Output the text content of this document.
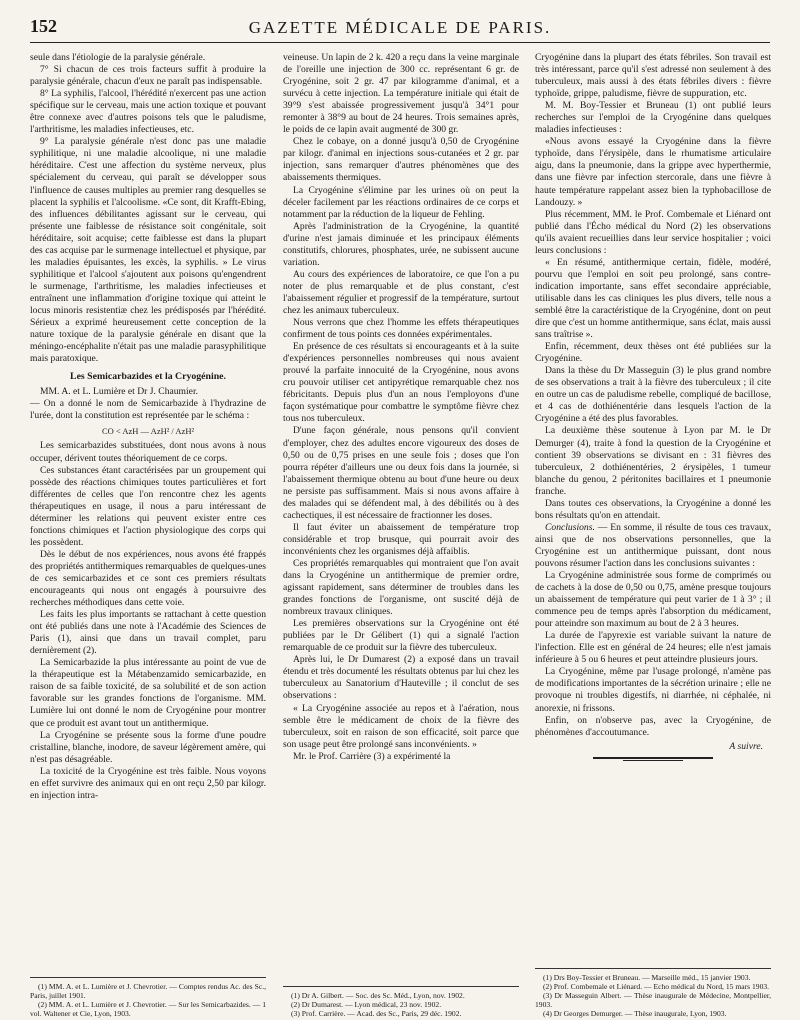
152	GAZETTE MÉDICALE DE PARIS.

seule dans l'étiologie de la paralysie générale.

7° Si chacun de ces trois facteurs suffit à produire la paralysie générale, chacun d'eux ne paraît pas indispensable.

8° La syphilis, l'alcool, l'hérédité n'exercent pas une action spécifique sur le cerveau, mais une action toxique et pouvant être connexe avec d'autres poisons tels que le paludisme, l'arthritisme, les maladies infectieuses, etc.

9° La paralysie générale n'est donc pas une maladie syphilitique, ni une maladie alcoolique, ni une maladie héréditaire. C'est une affection du système nerveux, plus spécialement du cerveau, qui paraît se développer sous l'influence de causes multiples au premier rang desquelles se placent la syphilis et l'alcoolisme. «Ce sont, dit Krafft-Ebing, des influences débilitantes agissant sur le cerveau, qui présente une faiblesse de résistance soit congénitale, soit héréditaire, soit acquise; cette faiblesse est dans la plupart des cas acquise par le surmenage intellectuel et physique, par les maladies épuisantes, les excès, la syphilis. » Le virus syphilitique et l'alcool s'ajoutent aux poisons qu'engendrent le surmenage, l'arthritisme, les maladies infectieuses et entraînent une inflammation d'origine toxique qui atteint le locus minoris resistentiæ chez les prédisposés par l'hérédité. Sérieux a exprimé heureusement cette conception de la nature toxique de la paralysie générale en disant que la méningo-encéphalite n'était pas une maladie parasyphilitique mais paratoxique.

Les Semicarbazides et la Cryogénine.

MM. A. et L. Lumière et Dr J. Chaumier.

— On a donné le nom de Semicarbazide à l'hydrazine de l'urée, dont la constitution est représentée par le schéma :

CO < AzH — AzH² / AzH²

Les semicarbazides substituées, dont nous avons à nous occuper, dérivent toutes théoriquement de ce corps.

Ces substances étant caractérisées par un groupement qui possède des réactions chimiques toutes particulières et fort différentes de celles que l'on rencontre chez les agents thérapeutiques en usage, il nous a paru intéressant de déterminer les relations qui peuvent exister entre ces fonctions chimiques et l'action physiologique des corps qui les possèdent.

Dès le début de nos expériences, nous avons été frappés des propriétés antithermiques remarquables de quelques-unes de ces semicarbazides et ce sont ces premiers résultats encourageants qui nous ont engagés à poursuivre des recherches méthodiques dans cette voie.

Les faits les plus importants se rattachant à cette question ont été publiés dans une note à l'Académie des Sciences de Paris (1), ainsi que dans un travail complet, paru dernièrement (2).

La Semicarbazide la plus intéressante au point de vue de la thérapeutique est la Métabenzamido semicarbazide, en raison de sa faible toxicité, de sa solubilité et de son action favorable sur les grandes fonctions de l'organisme. MM. Lumière lui ont donné le nom de Cryogénine pour montrer que ce produit est avant tout un antithermique.

La Cryogénine se présente sous la forme d'une poudre cristalline, blanche, inodore, de saveur légèrement amère, qui n'est pas désagréable.

La toxicité de la Cryogénine est très faible. Nous voyons en effet survivre des animaux qui en ont reçu 2,50 par kilogr. en injection intra-

(1) MM. A. et L. Lumière et J. Chevrotier. — Comptes rendus Ac. des Sc., Paris, juillet 1901.

(2) MM. A. et L. Lumière et J. Chevrotier. — Sur les Semicarbazides. — 1 vol. Waltener et Cie, Lyon, 1903.

veineuse. Un lapin de 2 k. 420 a reçu dans la veine marginale de l'oreille une injection de 300 cc. représentant 6 gr. de Cryogénine, soit 2 gr. 47 par kilogramme d'animal, et a survécu à cette injection. La température initiale qui était de 39°9 s'est abaissée progressivement jusqu'à 34°1 pour remonter à 38°9 au bout de 24 heures. Trois semaines après, le poids de ce lapin avait augmenté de 300 gr.

Chez le cobaye, on a donné jusqu'à 0,50 de Cryogénine par kilogr. d'animal en injections sous-cutanées et 2 gr. par injection, sans remarquer d'autres phénomènes que des abaissements thermiques.

La Cryogénine s'élimine par les urines où on peut la déceler facilement par les réactions ordinaires de ce corps et notamment par la réduction de la liqueur de Fehling.

Après l'administration de la Cryogénine, la quantité d'urine n'est jamais diminuée et les principaux éléments constitutifs, chlorures, phosphates, urée, ne subissent aucune variation.

Au cours des expériences de laboratoire, ce que l'on a pu noter de plus remarquable et de plus constant, c'est l'abaissement régulier et progressif de la température, surtout chez les animaux tuberculeux.

Nous verrons que chez l'homme les effets thérapeutiques confirment de tous points ces données expérimentales.

En présence de ces résultats si encourageants et à la suite d'expériences personnelles nombreuses qui nous avaient prouvé la parfaite innocuité de la Cryogénine, nous avons cru pouvoir utiliser cet antipyrétique remarquable chez nos fébricitants. Depuis plus d'un an nous l'employons d'une façon systématique pour combattre le symptôme fièvre chez tous nos tuberculeux.

D'une façon générale, nous pensons qu'il convient d'employer, chez des adultes encore vigoureux des doses de 0,50 ou de 0,75 prises en une seule fois ; doses que l'on pourra répéter d'ailleurs une ou deux fois dans la journée, si l'abaissement thermique obtenu au bout d'une heure ou deux ne persiste pas suffisamment. Mais si nous avons affaire à des malades qui se défendent mal, à des débilités ou à des cachectiques, il est nécessaire de fractionner les doses.

Il faut éviter un abaissement de température trop considérable et trop brusque, qui pourrait avoir des inconvénients chez les organismes déjà affaiblis.

Ces propriétés remarquables qui montraient que l'on avait dans la Cryogénine un antithermique de premier ordre, agissant rapidement, sans déterminer de troubles dans les grandes fonctions de l'organisme, ont suscité déjà de nombreux travaux cliniques.

Les premières observations sur la Cryogénine ont été publiées par le Dr Gélibert (1) qui a signalé l'action remarquable de ce produit sur la fièvre des tuberculeux.

Après lui, le Dr Dumarest (2) a exposé dans un travail étendu et très documenté les résultats obtenus par lui chez les tuberculeux au Sanatorium d'Hauteville ; il conclut de ses observations :

« La Cryogénine associée au repos et à l'aération, nous semble être le médicament de choix de la fièvre des tuberculeux, soit en raison de son efficacité, soit parce que son usage peut être prolongé sans inconvénients. »

Mr. le Prof. Carrière (3) a expérimenté la

(1) Dr A. Gilbert. — Soc. des Sc. Méd., Lyon, nov. 1902.

(2) Dr Dumarest. — Lyon médical, 23 nov. 1902.

(3) Prof. Carrière. — Acad. des Sc., Paris, 29 déc. 1902.

Cryogénine dans la plupart des états fébriles. Son travail est très intéressant, parce qu'il s'est adressé non seulement à des tuberculeux, mais aussi à des états fébriles divers : fièvre typhoïde, grippe, paludisme, fièvre de suppuration, etc.

M. M. Boy-Tessier et Bruneau (1) ont publié leurs recherches sur l'emploi de la Cryogénine dans quelques maladies infectieuses :

«Nous avons essayé la Cryogénine dans la fièvre typhoïde, dans l'érysipèle, dans le rhumatisme articulaire aigu, dans la pneumonie, dans la grippe avec hyperthermie, dans une fièvre par infection stercorale, dans une fièvre à haute température rappelant assez bien la typhobacillose de Landouzy. »

Plus récemment, MM. le Prof. Combemale et Liénard ont publié dans l'Écho médical du Nord (2) les observations qu'ils avaient recueillies dans leur service hospitalier ; voici leurs conclusions :

« En résumé, antithermique certain, fidèle, modéré, pourvu que l'emploi en soit peu prolongé, sans contre-indication importante, sans effet secondaire appréciable, utilisable dans les cas cliniques les plus divers, telle nous a semblé être la caractéristique de la Cryogénine, dont on peut dire que c'est un homme antithermique, sans éclat, mais aussi sans traîtrise ».

Enfin, récemment, deux thèses ont été publiées sur la Cryogénine.

Dans la thèse du Dr Masseguin (3) le plus grand nombre de ses observations a trait à la fièvre des tuberculeux ; il cite en outre un cas de paludisme rebelle, compliqué de bacillose, et 4 cas de dothiénentérie dans lesquels l'action de la Cryogénine a été des plus favorables.

La deuxième thèse soutenue à Lyon par M. le Dr Demurger (4), traite à fond la question de la Cryogénine et contient 39 observations se divisant en : 31 fièvres des tuberculeux, 2 dothiénentéries, 2 érysipèles, 1 tumeur blanche du genou, 2 péritonites bacillaires et 1 pneumonie franche.

Dans toutes ces observations, la Cryogénine a donné les bons résultats qu'on en attendait.

Conclusions. — En somme, il résulte de tous ces travaux, ainsi que de nos observations personnelles, que la Cryogénine est un antithermique puissant, dont nous pouvons résumer l'action dans les conclusions suivantes :

La Cryogénine administrée sous forme de comprimés ou de cachets à la dose de 0,50 ou 0,75, amène presque toujours un abaissement de température qui peut varier de 1 à 3° ; il commence peu de temps après l'absorption du médicament, pour atteindre son maximum au bout de 2 à 3 heures.

La durée de l'apyrexie est variable suivant la nature de l'infection. Elle est en général de 24 heures; elle n'est jamais inférieure à 5 ou 6 heures et peut atteindre plusieurs jours.

La Cryogénine, même par l'usage prolongé, n'amène pas de modifications importantes de la sécrétion urinaire ; elle ne provoque ni troubles digestifs, ni diarrhée, ni céphalée, ni anorexie, ni frissons.

Enfin, on n'observe pas, avec la Cryogénine, de phénomènes d'accoutumance.

A suivre.

(1) Drs Boy-Tessier et Bruneau. — Marseille méd., 15 janvier 1903.

(2) Prof. Combemale et Liénard. — Echo médical du Nord, 15 mars 1903.

(3) Dr Masseguin Albert. — Thèse inaugurale de Médecine, Montpellier, 1903.

(4) Dr Georges Demurger. — Thèse inaugurale, Lyon, 1903.
